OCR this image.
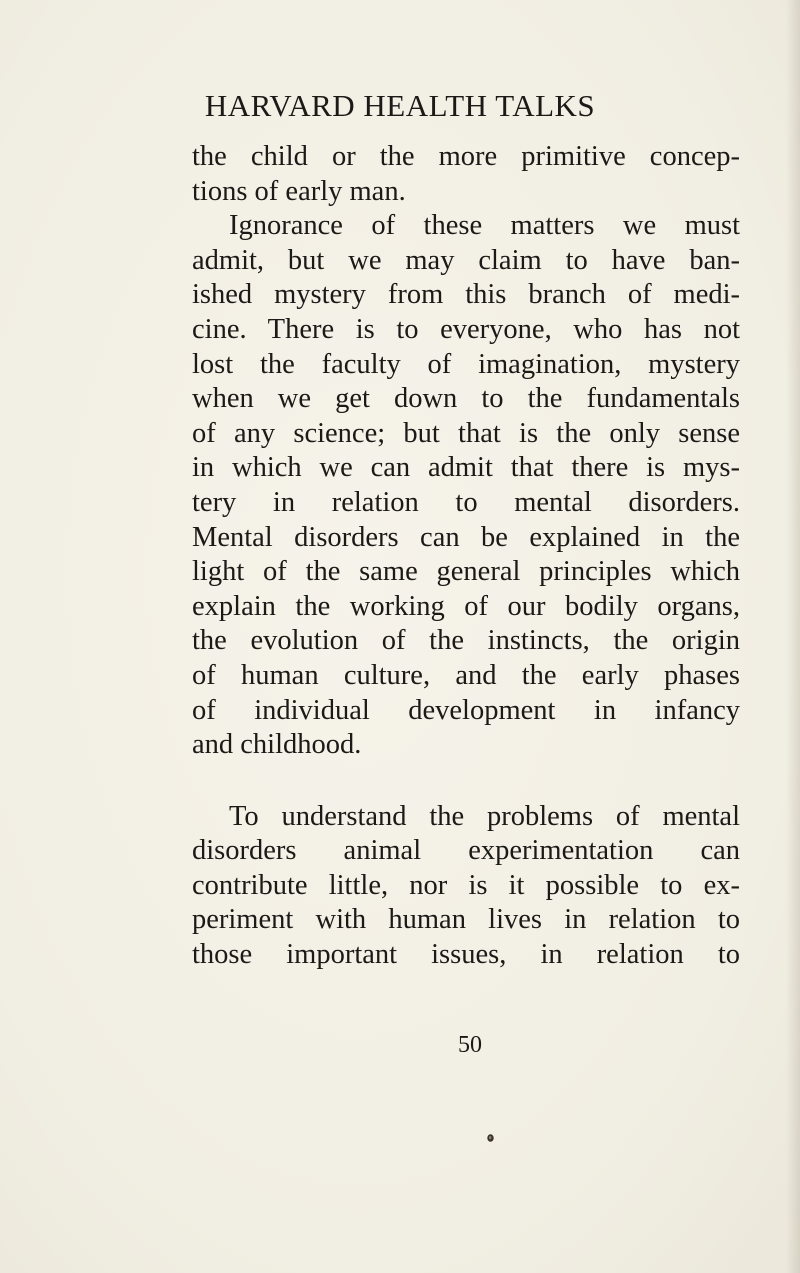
HARVARD HEALTH TALKS
the child or the more primitive concep-
tions of early man.
Ignorance of these matters we must
admit, but we may claim to have ban-
ished mystery from this branch of medi-
cine. There is to everyone, who has not
lost the faculty of imagination, mystery
when we get down to the fundamentals
of any science; but that is the only sense
in which we can admit that there is mys-
tery in relation to mental disorders.
Mental disorders can be explained in the
light of the same general principles which
explain the working of our bodily organs,
the evolution of the instincts, the origin
of human culture, and the early phases
of individual development in infancy
and childhood.
To understand the problems of mental
disorders animal experimentation can
contribute little, nor is it possible to ex-
periment with human lives in relation to
those important issues, in relation to
50
